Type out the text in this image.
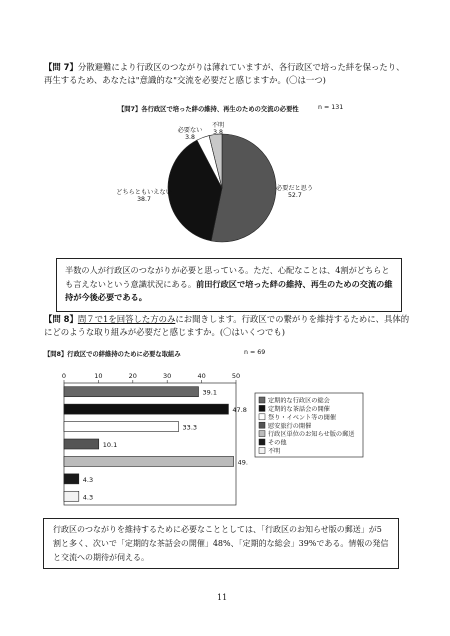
【問 7】分散避難により行政区のつながりは薄れていますが、各行政区で培った絆を保ったり、再生するため、あなたは"意識的な"交流を必要だと感じますか。(〇は一つ)
【問7】各行政区で培った絆の維持、再生のための交流の必要性	n = 131
必要ない
3.8
不明
3.8
どちらともいえない
38.7
必要だと思う
52.7
半数の人が行政区のつながりが必要と思っている。ただ、心配なことは、4割がどちらとも言えないという意識状況にある。前田行政区で培った絆の維持、再生のための交流の維持が今後必要である。
【問 8】問７で1を回答した方のみにお聞きします。行政区での繋がりを維持するために、具体的にどのような取り組みが必要だと感じますか。(〇はいくつでも)
【問8】行政区での絆維持のために必要な取組み	n = 69
0	10	20	30	40	50
39.1
47.8
33.3
10.1
49.
4.3
4.3
定期的な行政区の総会
定期的な茶話会の開催
祭り・イベント等の開催
慰安旅行の開催
行政区単位のお知らせ版の郵送
その他
不明
行政区のつながりを維持するために必要なこととしては、「行政区のお知らせ版の郵送」が5割と多く、次いで「定期的な茶話会の開催」48%、「定期的な総会」39%である。情報の発信と交流への期待が伺える。
11
